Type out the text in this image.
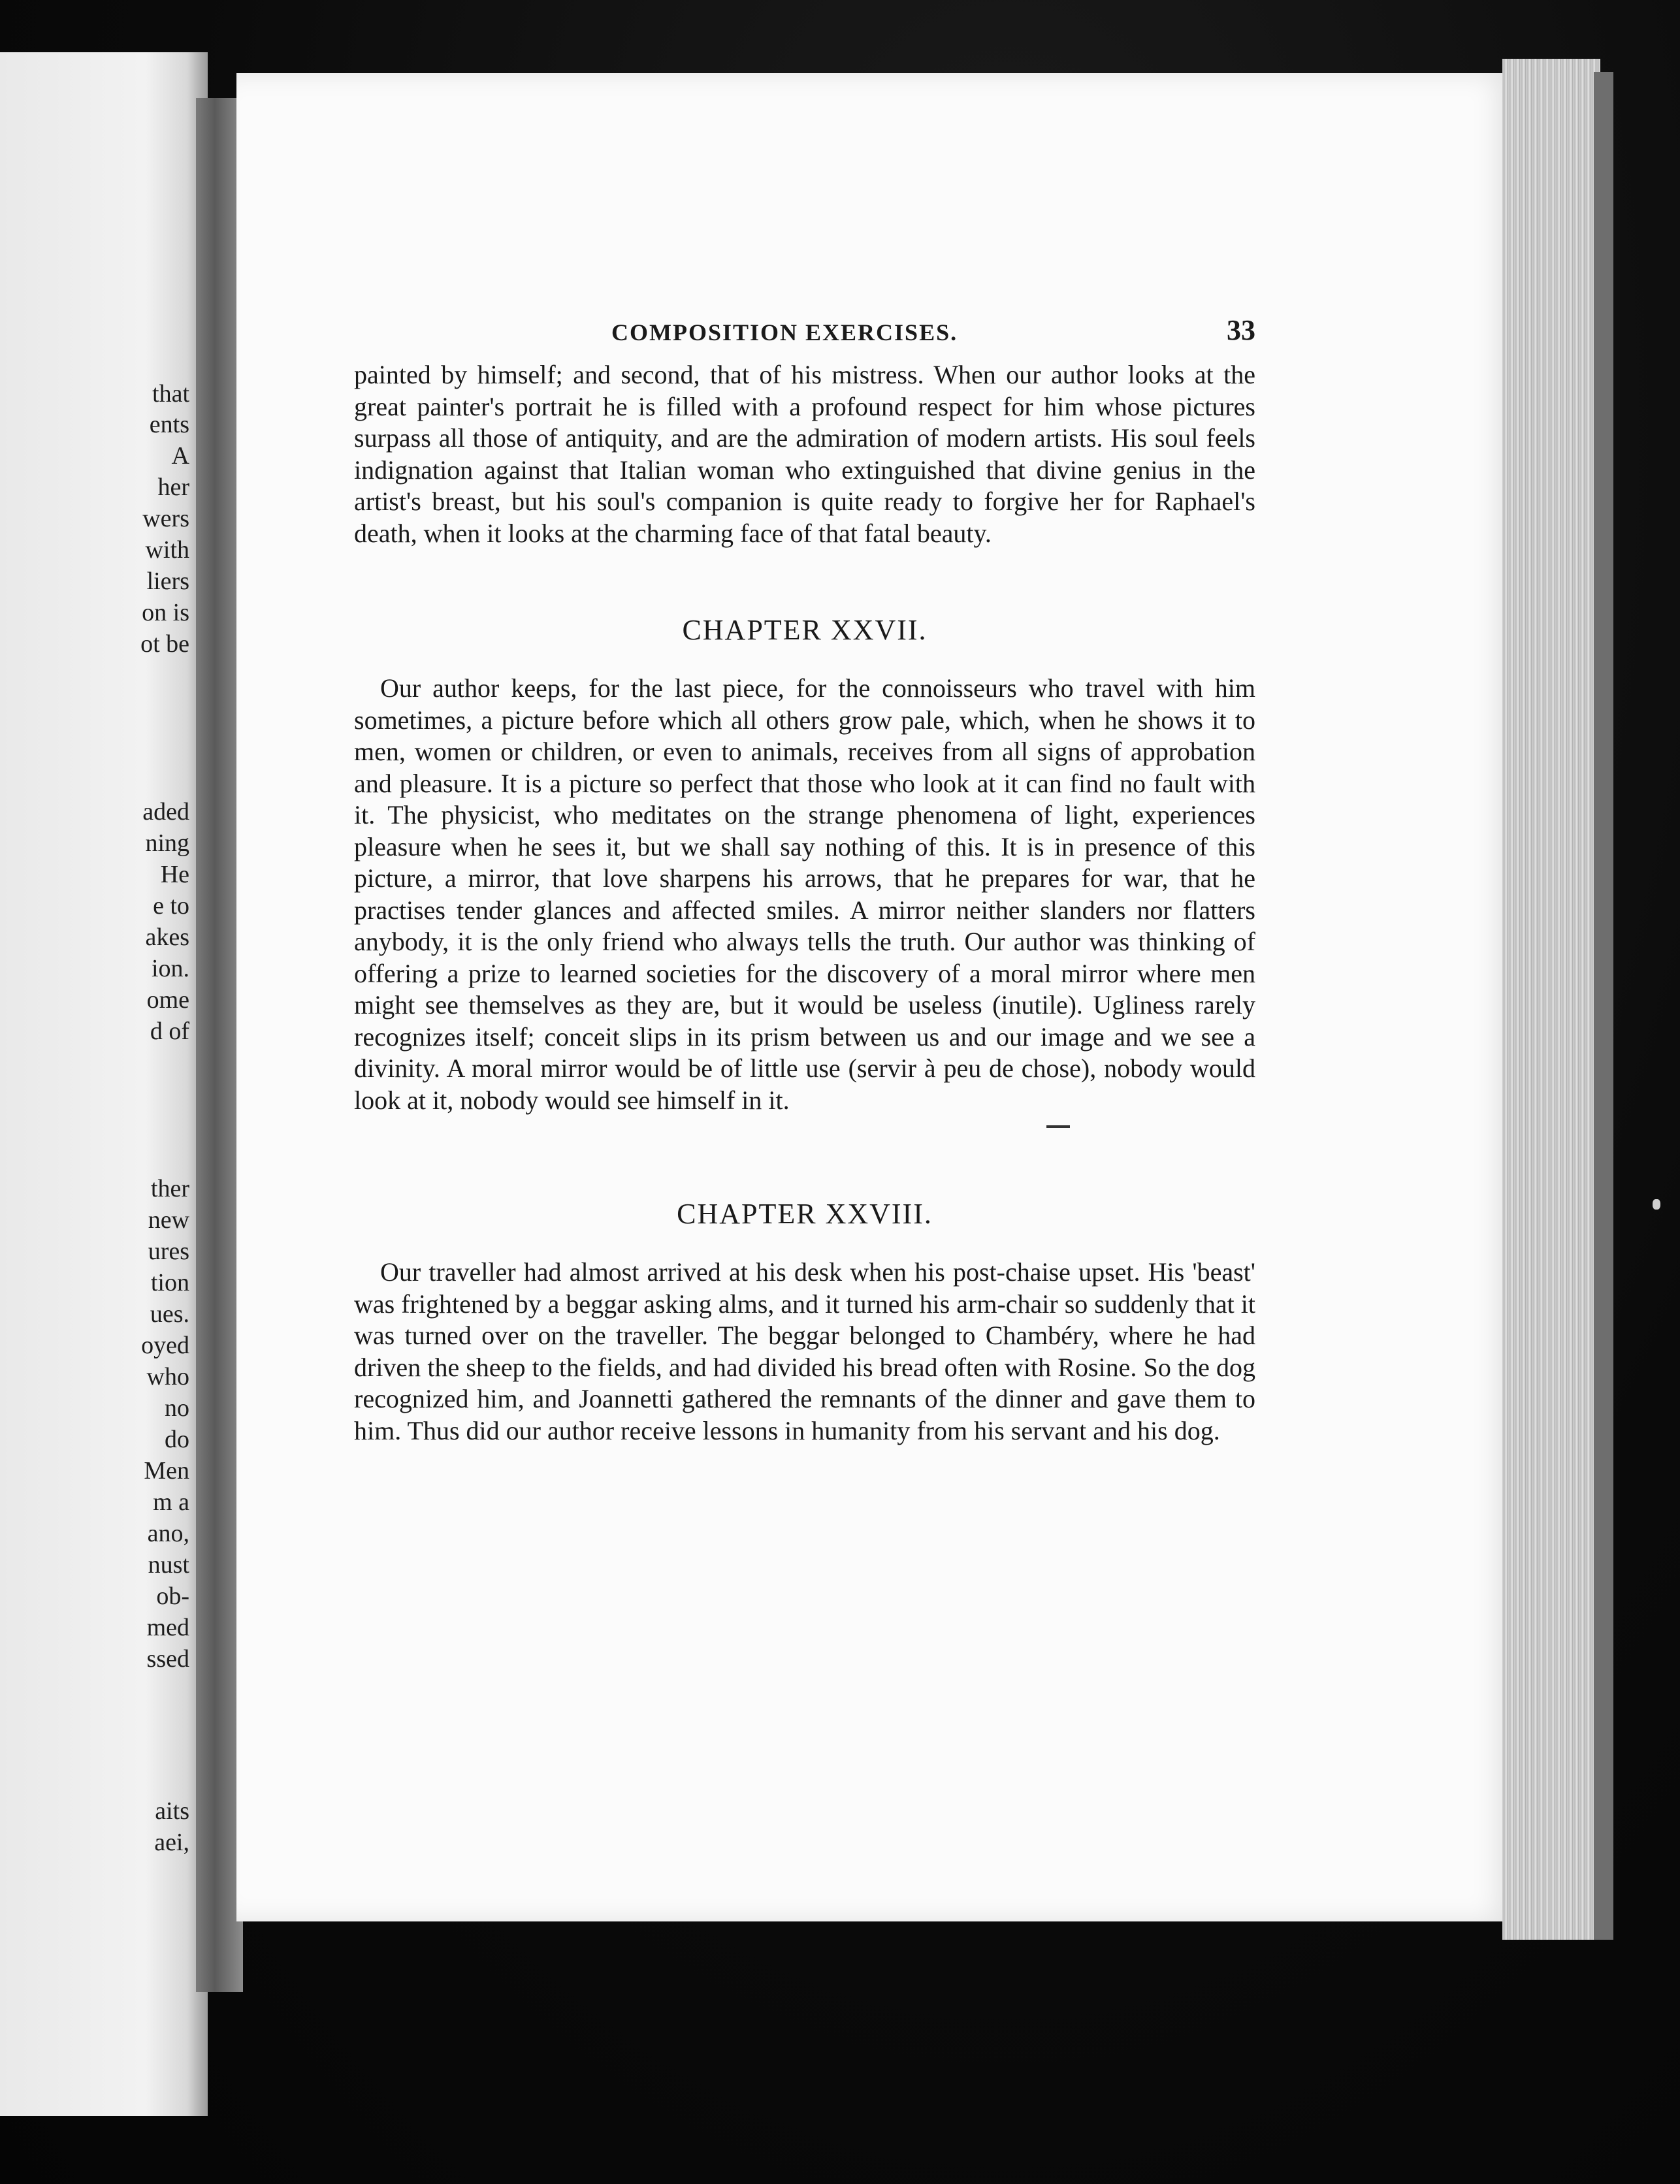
that
ents
A
her
wers
with
liers
on is
ot be
aded
ning
He
e to
akes
ion.
ome
d of
ther
new
ures
tion
ues.
oyed
who
no
do
Men
m a
ano,
nust
ob-
med
ssed
aits
aei,
COMPOSITION EXERCISES.	33

painted by himself; and second, that of his mistress. When our author looks at the great painter's portrait he is filled with a profound respect for him whose pictures surpass all those of antiquity, and are the admiration of modern artists. His soul feels indignation against that Italian woman who extinguished that divine genius in the artist's breast, but his soul's companion is quite ready to forgive her for Raphael's death, when it looks at the charming face of that fatal beauty.

CHAPTER XXVII.

Our author keeps, for the last piece, for the connoisseurs who travel with him sometimes, a picture before which all others grow pale, which, when he shows it to men, women or children, or even to animals, receives from all signs of approbation and pleasure. It is a picture so perfect that those who look at it can find no fault with it. The physicist, who meditates on the strange phenomena of light, experiences pleasure when he sees it, but we shall say nothing of this. It is in presence of this picture, a mirror, that love sharpens his arrows, that he prepares for war, that he practises tender glances and affected smiles. A mirror neither slanders nor flatters anybody, it is the only friend who always tells the truth. Our author was thinking of offering a prize to learned societies for the discovery of a moral mirror where men might see themselves as they are, but it would be useless (inutile). Ugliness rarely recognizes itself; conceit slips in its prism between us and our image and we see a divinity. A moral mirror would be of little use (servir à peu de chose), nobody would look at it, nobody would see himself in it.

CHAPTER XXVIII.

Our traveller had almost arrived at his desk when his post-chaise upset. His 'beast' was frightened by a beggar asking alms, and it turned his arm-chair so suddenly that it was turned over on the traveller. The beggar belonged to Chambéry, where he had driven the sheep to the fields, and had divided his bread often with Rosine. So the dog recognized him, and Joannetti gathered the remnants of the dinner and gave them to him. Thus did our author receive lessons in humanity from his servant and his dog.
